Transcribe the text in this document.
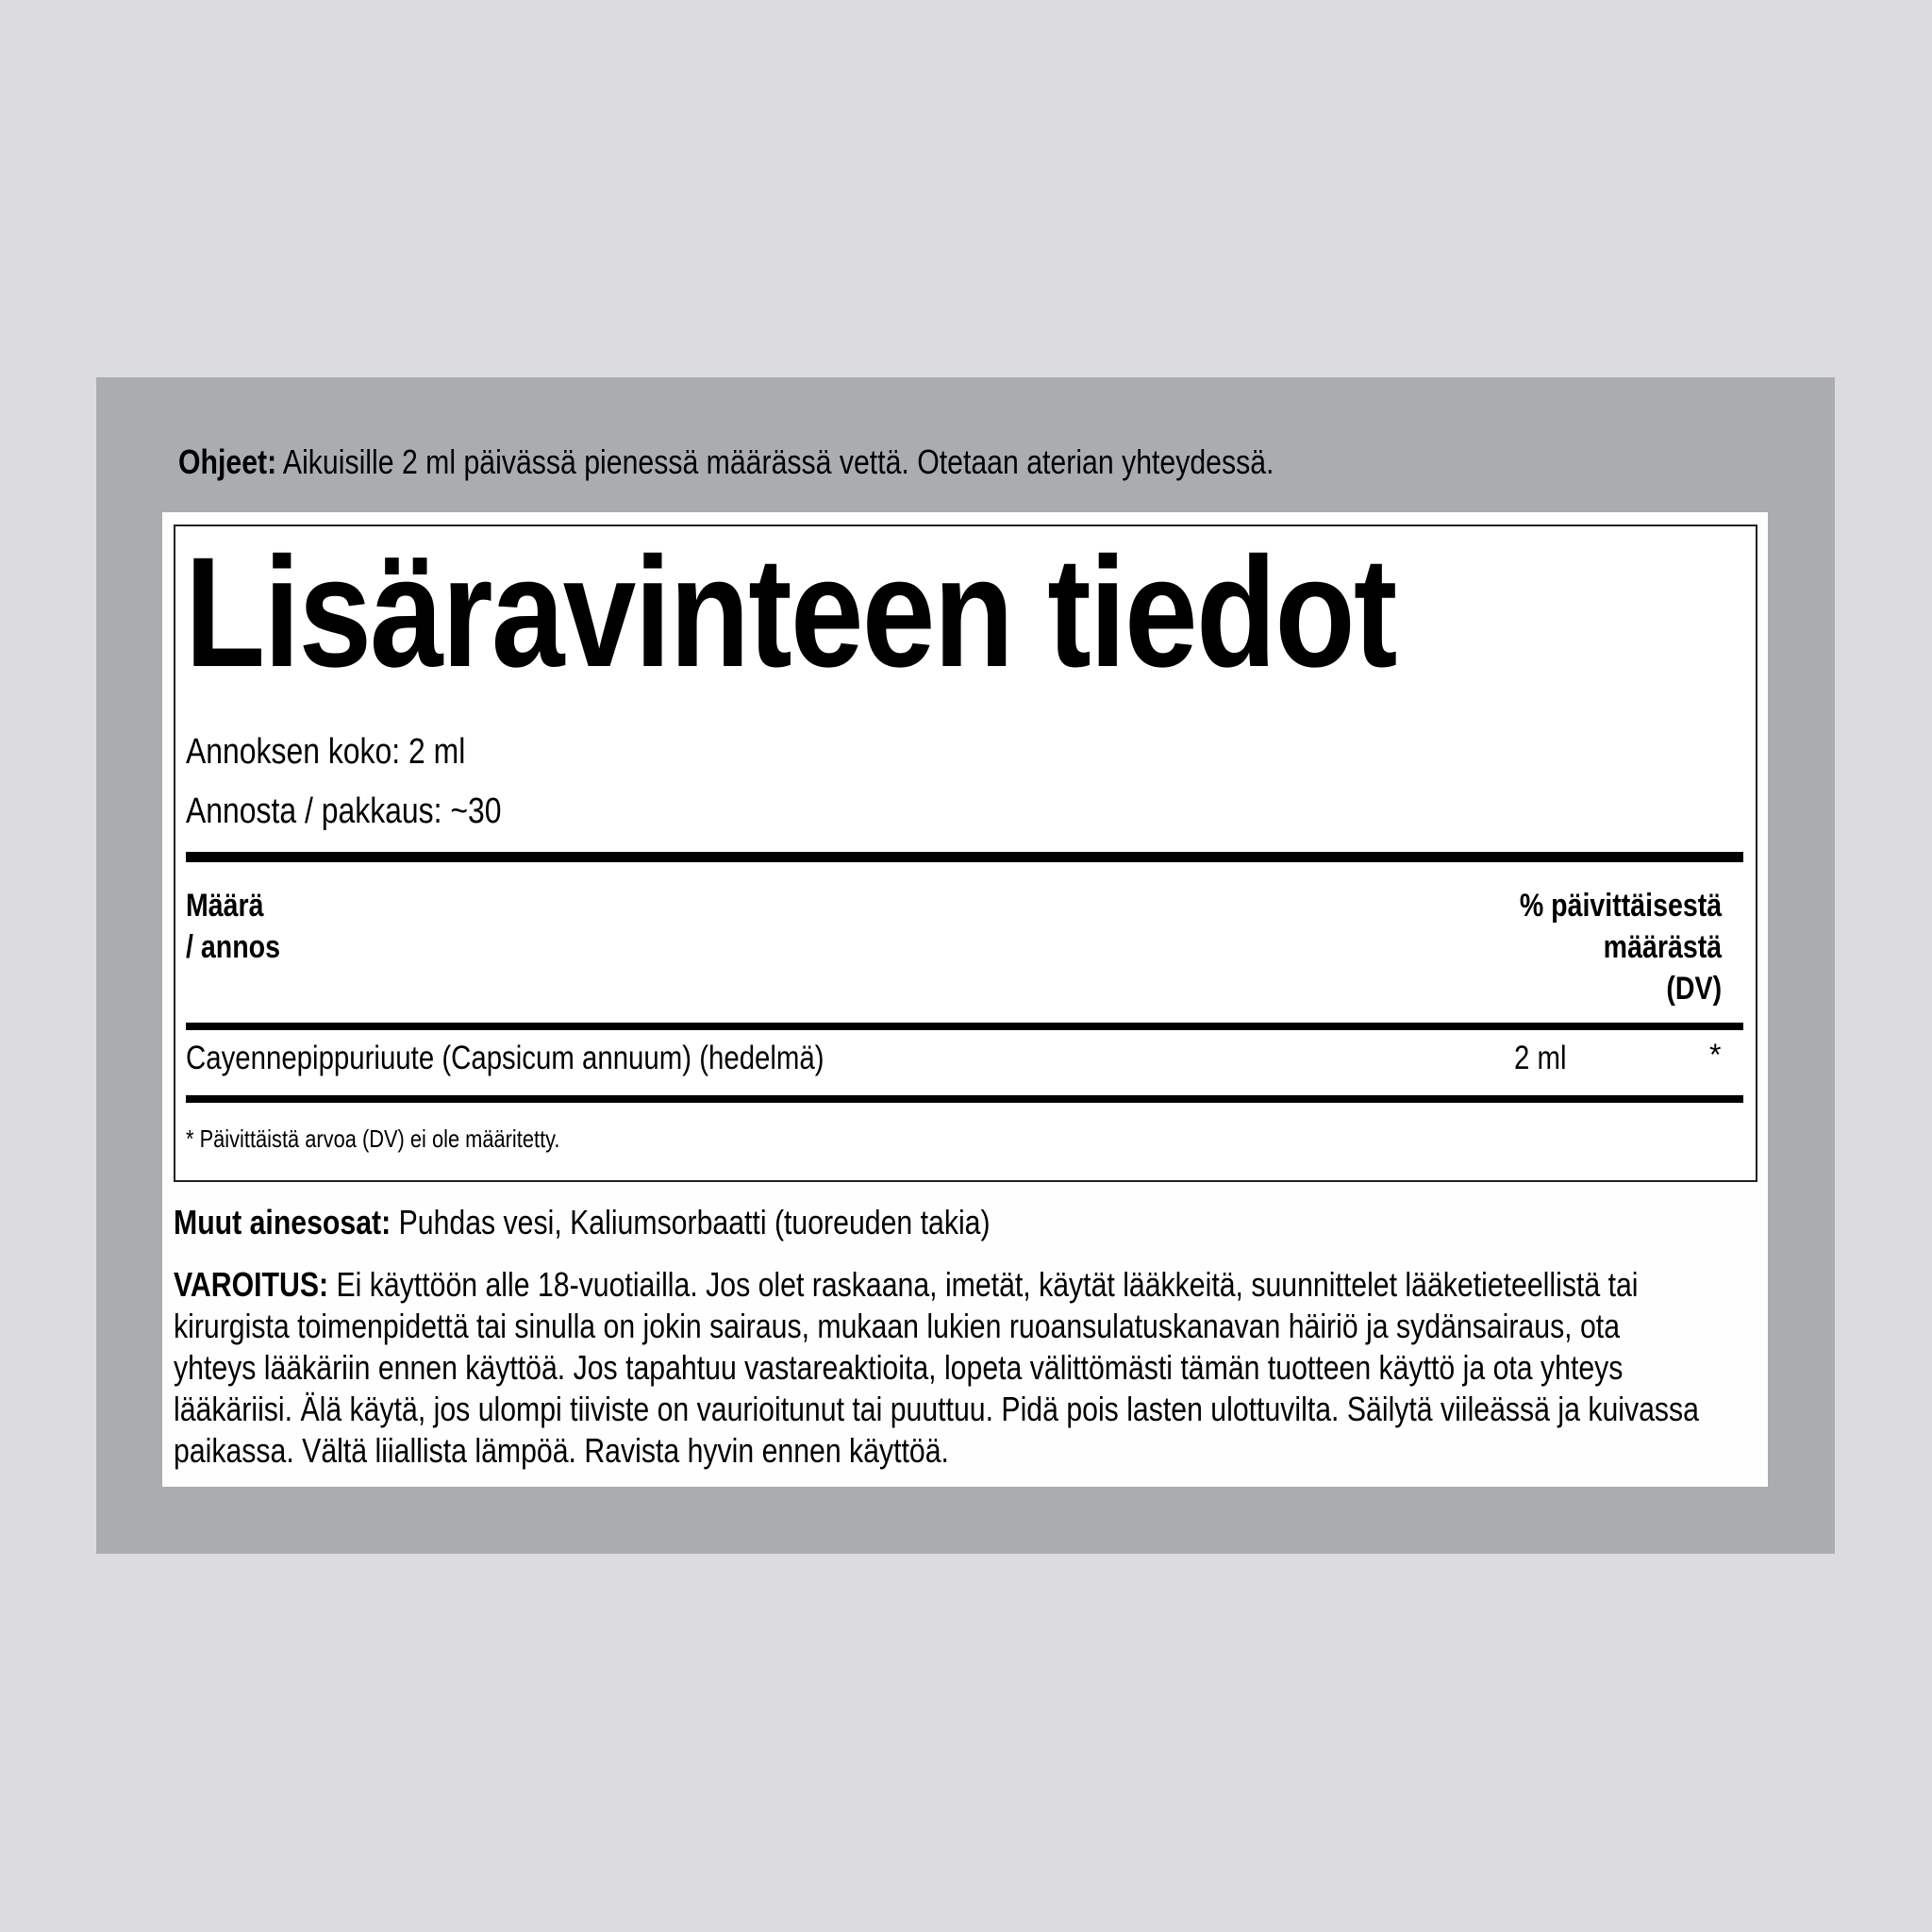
Ohjeet: Aikuisille 2 ml päivässä pienessä määrässä vettä. Otetaan aterian yhteydessä.
Lisäravinteen tiedot
Annoksen koko: 2 ml
Annosta / pakkaus: ~30
Määrä
/ annos
% päivittäisestä
määrästä
(DV)
Cayennepippuriuute (Capsicum annuum) (hedelmä)	2 ml	*
* Päivittäistä arvoa (DV) ei ole määritetty.
Muut ainesosat: Puhdas vesi, Kaliumsorbaatti (tuoreuden takia)
VAROITUS: Ei käyttöön alle 18-vuotiailla. Jos olet raskaana, imetät, käytät lääkkeitä, suunnittelet lääketieteellistä tai
kirurgista toimenpidettä tai sinulla on jokin sairaus, mukaan lukien ruoansulatuskanavan häiriö ja sydänsairaus, ota
yhteys lääkäriin ennen käyttöä. Jos tapahtuu vastareaktioita, lopeta välittömästi tämän tuotteen käyttö ja ota yhteys
lääkäriisi. Älä käytä, jos ulompi tiiviste on vaurioitunut tai puuttuu. Pidä pois lasten ulottuvilta. Säilytä viileässä ja kuivassa
paikassa. Vältä liiallista lämpöä. Ravista hyvin ennen käyttöä.
